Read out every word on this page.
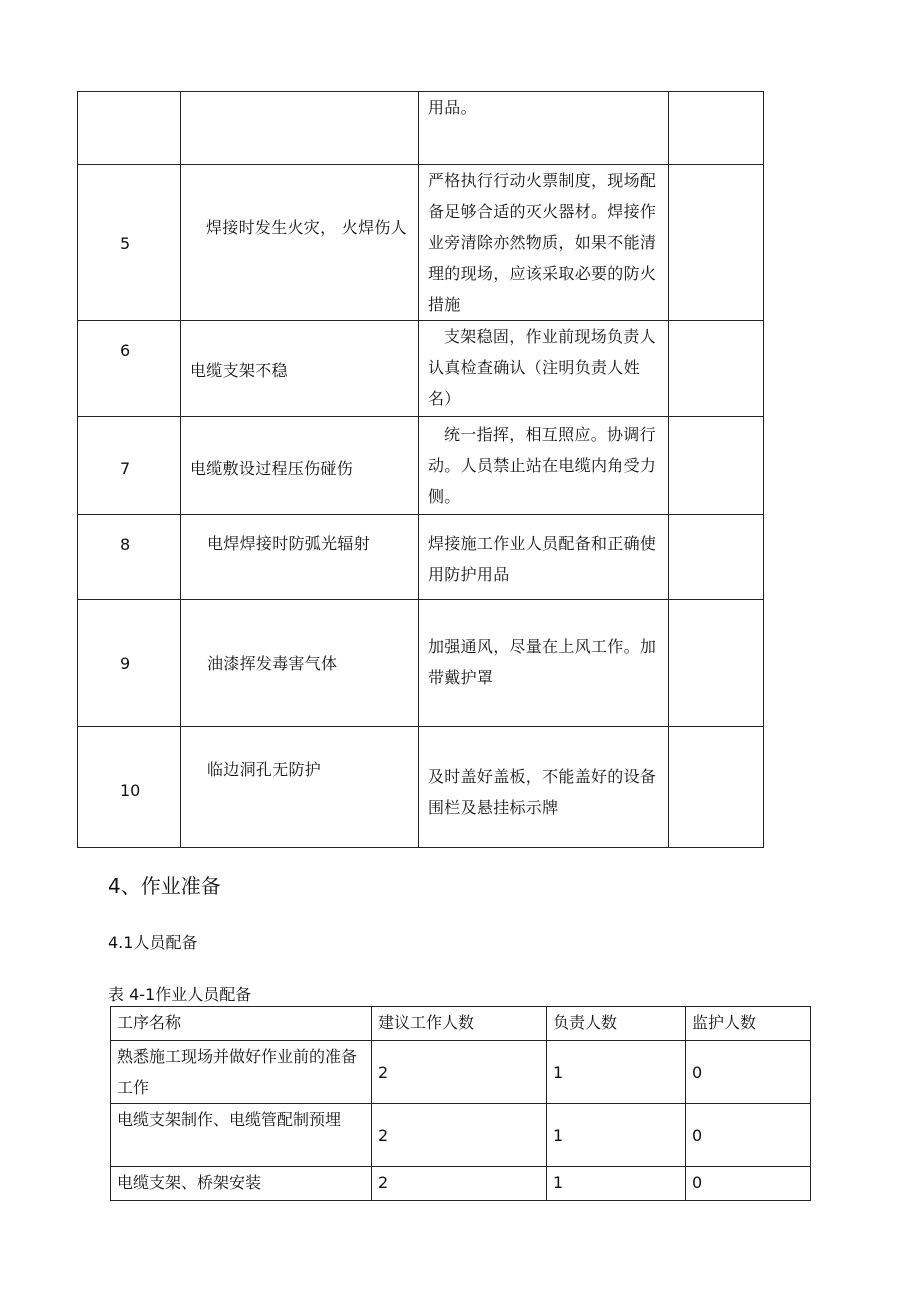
		用品。	

5	焊接时发生火灾， 火焊伤人	严格执行行动火票制度，现场配备足够合适的灭火器材。焊接作业旁清除亦然物质，如果不能清理的现场，应该采取必要的防火措施	

6	电缆支架不稳	支架稳固，作业前现场负责人认真检查确认（注明负责人姓名）	

7	电缆敷设过程压伤碰伤	统一指挥，相互照应。协调行动。人员禁止站在电缆内角受力侧。	

8	电焊焊接时防弧光辐射	焊接施工作业人员配备和正确使用防护用品	

9	油漆挥发毒害气体	加强通风，尽量在上风工作。加带戴护罩	

10	临边洞孔无防护	及时盖好盖板，不能盖好的设备围栏及悬挂标示牌	

4、作业准备
4.1人员配备
表 4-1作业人员配备
工序名称	建议工作人数	负责人数	监护人数
熟悉施工现场并做好作业前的准备工作	2	1	0
电缆支架制作、电缆管配制预埋	2	1	0
电缆支架、桥架安装	2	1	0
